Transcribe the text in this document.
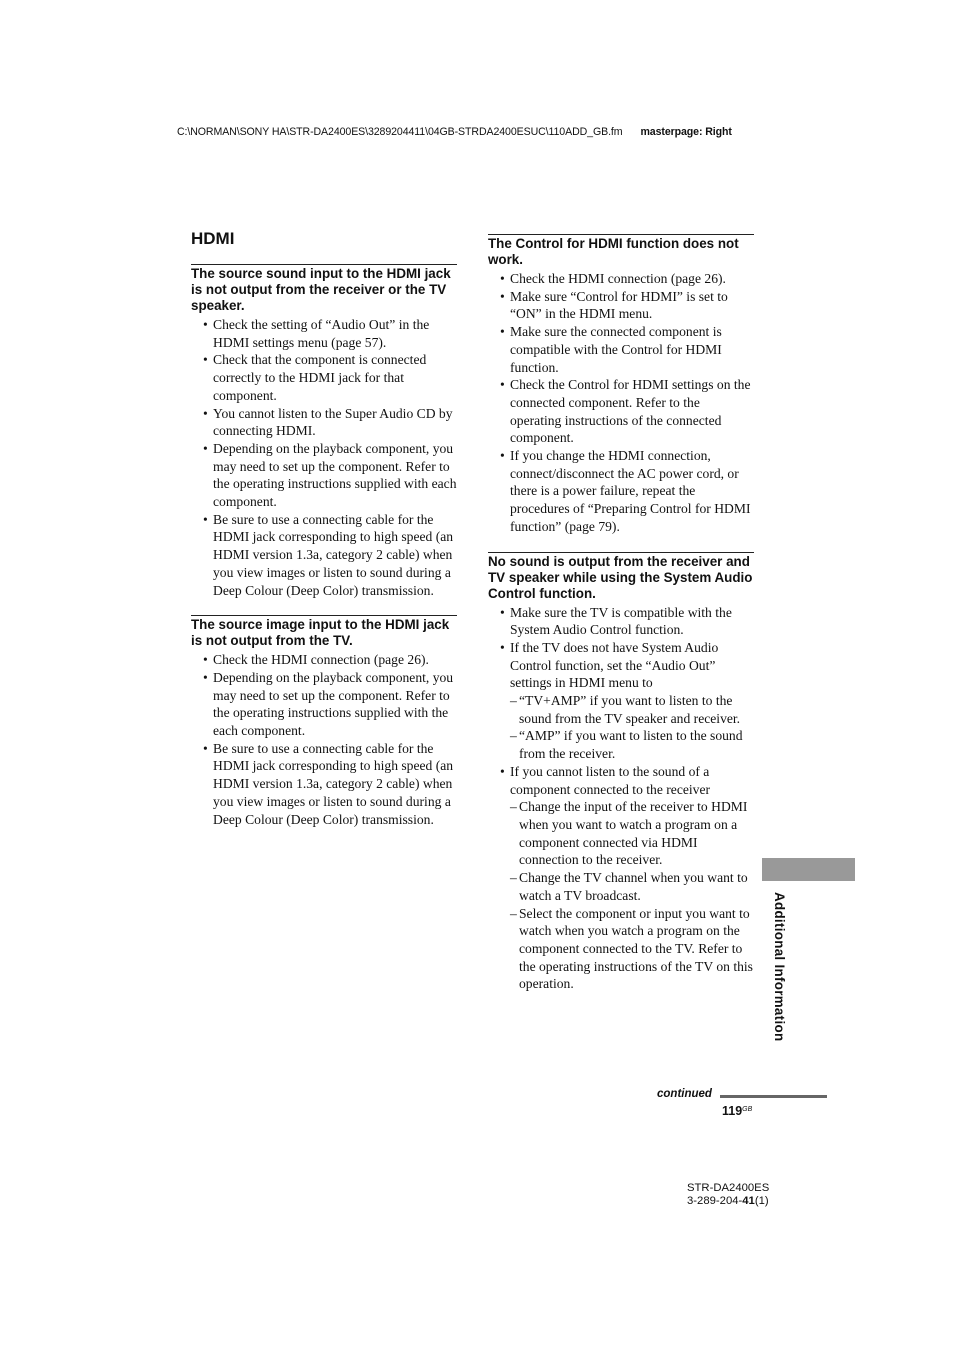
C:\NORMAN\SONY HA\STR-DA2400ES\3289204411\04GB-STRDA2400ESUC\110ADD_GB.fm masterpage: Right
HDMI
The source sound input to the HDMI jack is not output from the receiver or the TV speaker.
• Check the setting of “Audio Out” in the HDMI settings menu (page 57).
• Check that the component is connected correctly to the HDMI jack for that component.
• You cannot listen to the Super Audio CD by connecting HDMI.
• Depending on the playback component, you may need to set up the component. Refer to the operating instructions supplied with each component.
• Be sure to use a connecting cable for the HDMI jack corresponding to high speed (an HDMI version 1.3a, category 2 cable) when you view images or listen to sound during a Deep Colour (Deep Color) transmission.
The source image input to the HDMI jack is not output from the TV.
• Check the HDMI connection (page 26).
• Depending on the playback component, you may need to set up the component. Refer to the operating instructions supplied with the each component.
• Be sure to use a connecting cable for the HDMI jack corresponding to high speed (an HDMI version 1.3a, category 2 cable) when you view images or listen to sound during a Deep Colour (Deep Color) transmission.
The Control for HDMI function does not work.
• Check the HDMI connection (page 26).
• Make sure “Control for HDMI” is set to “ON” in the HDMI menu.
• Make sure the connected component is compatible with the Control for HDMI function.
• Check the Control for HDMI settings on the connected component. Refer to the operating instructions of the connected component.
• If you change the HDMI connection, connect/disconnect the AC power cord, or there is a power failure, repeat the procedures of “Preparing Control for HDMI function” (page 79).
No sound is output from the receiver and TV speaker while using the System Audio Control function.
• Make sure the TV is compatible with the System Audio Control function.
• If the TV does not have System Audio Control function, set the “Audio Out” settings in HDMI menu to
– “TV+AMP” if you want to listen to the sound from the TV speaker and receiver.
– “AMP” if you want to listen to the sound from the receiver.
• If you cannot listen to the sound of a component connected to the receiver
– Change the input of the receiver to HDMI when you want to watch a program on a component connected via HDMI connection to the receiver.
– Change the TV channel when you want to watch a TV broadcast.
– Select the component or input you want to watch when you watch a program on the component connected to the TV. Refer to the operating instructions of the TV on this operation.	Additional Information
continued
$119^{GB}$
STR-DA2400ES
3-289-204-41(1)
